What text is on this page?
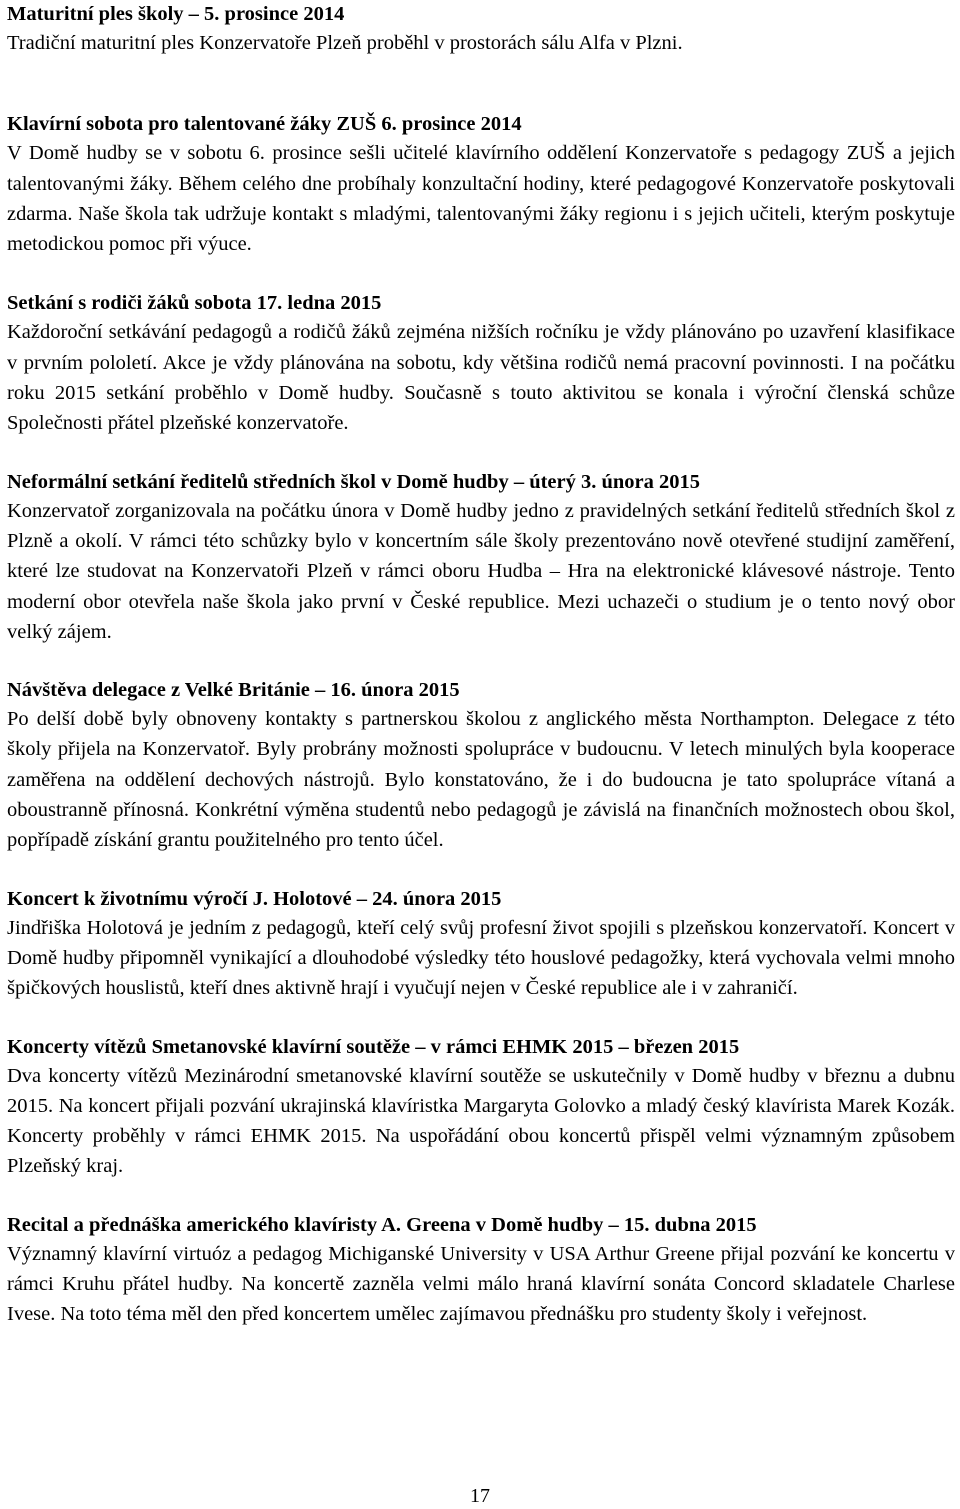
Maturitní ples školy – 5. prosince 2014

Tradiční maturitní ples Konzervatoře Plzeň proběhl v prostorách sálu Alfa v Plzni.

Klavírní sobota pro talentované žáky ZUŠ 6. prosince 2014

V Domě hudby se v sobotu 6. prosince sešli učitelé klavírního oddělení Konzervatoře s pedagogy ZUŠ a jejich talentovanými žáky. Během celého dne probíhaly konzultační hodiny, které pedagogové Konzervatoře poskytovali zdarma. Naše škola tak udržuje kontakt s mladými, talentovanými žáky regionu i s jejich učiteli, kterým poskytuje metodickou pomoc při výuce.

Setkání s rodiči žáků sobota 17. ledna 2015

Každoroční setkávání pedagogů a rodičů žáků zejména nižších ročníku je vždy plánováno po uzavření klasifikace v prvním pololetí. Akce je vždy plánována na sobotu, kdy většina rodičů nemá pracovní povinnosti. I na počátku roku 2015 setkání proběhlo v Domě hudby. Současně s touto aktivitou se konala i výroční členská schůze Společnosti přátel plzeňské konzervatoře.

Neformální setkání ředitelů středních škol v Domě hudby – úterý 3. února 2015

Konzervatoř zorganizovala na počátku února v Domě hudby jedno z pravidelných setkání ředitelů středních škol z Plzně a okolí. V rámci této schůzky bylo v koncertním sále školy prezentováno nově otevřené studijní zaměření, které lze studovat na Konzervatoři Plzeň v rámci oboru Hudba – Hra na elektronické klávesové nástroje. Tento moderní obor otevřela naše škola jako první v České republice. Mezi uchazeči o studium je o tento nový obor velký zájem.

Návštěva delegace z Velké Británie – 16. února 2015

Po delší době byly obnoveny kontakty s partnerskou školou z anglického města Northampton. Delegace z této školy přijela na Konzervatoř. Byly probrány možnosti spolupráce v budoucnu. V letech minulých byla kooperace zaměřena na oddělení dechových nástrojů. Bylo konstatováno, že i do budoucna je tato spolupráce vítaná a oboustranně přínosná. Konkrétní výměna studentů nebo pedagogů je závislá na finančních možnostech obou škol, popřípadě získání grantu použitelného pro tento účel.

Koncert k životnímu výročí J. Holotové – 24. února 2015

Jindřiška Holotová je jedním z pedagogů, kteří celý svůj profesní život spojili s plzeňskou konzervatoří. Koncert v Domě hudby připomněl vynikající a dlouhodobé výsledky této houslové pedagožky, která vychovala velmi mnoho špičkových houslistů, kteří dnes aktivně hrají i vyučují nejen v České republice ale i v zahraničí.

Koncerty vítězů Smetanovské klavírní soutěže – v rámci EHMK 2015 – březen 2015

Dva koncerty vítězů Mezinárodní smetanovské klavírní soutěže se uskutečnily v Domě hudby v březnu a dubnu 2015. Na koncert přijali pozvání ukrajinská klavíristka Margaryta Golovko a mladý český klavírista Marek Kozák. Koncerty proběhly v rámci EHMK 2015. Na uspořádání obou koncertů přispěl velmi významným způsobem Plzeňský kraj.

Recital a přednáška amerického klavíristy A. Greena v Domě hudby – 15. dubna 2015

Významný klavírní virtuóz a pedagog Michiganské University v USA Arthur Greene přijal pozvání ke koncertu v rámci Kruhu přátel hudby. Na koncertě zazněla velmi málo hraná klavírní sonáta Concord skladatele Charlese Ivese. Na toto téma měl den před koncertem umělec zajímavou přednášku pro studenty školy i veřejnost.

17
